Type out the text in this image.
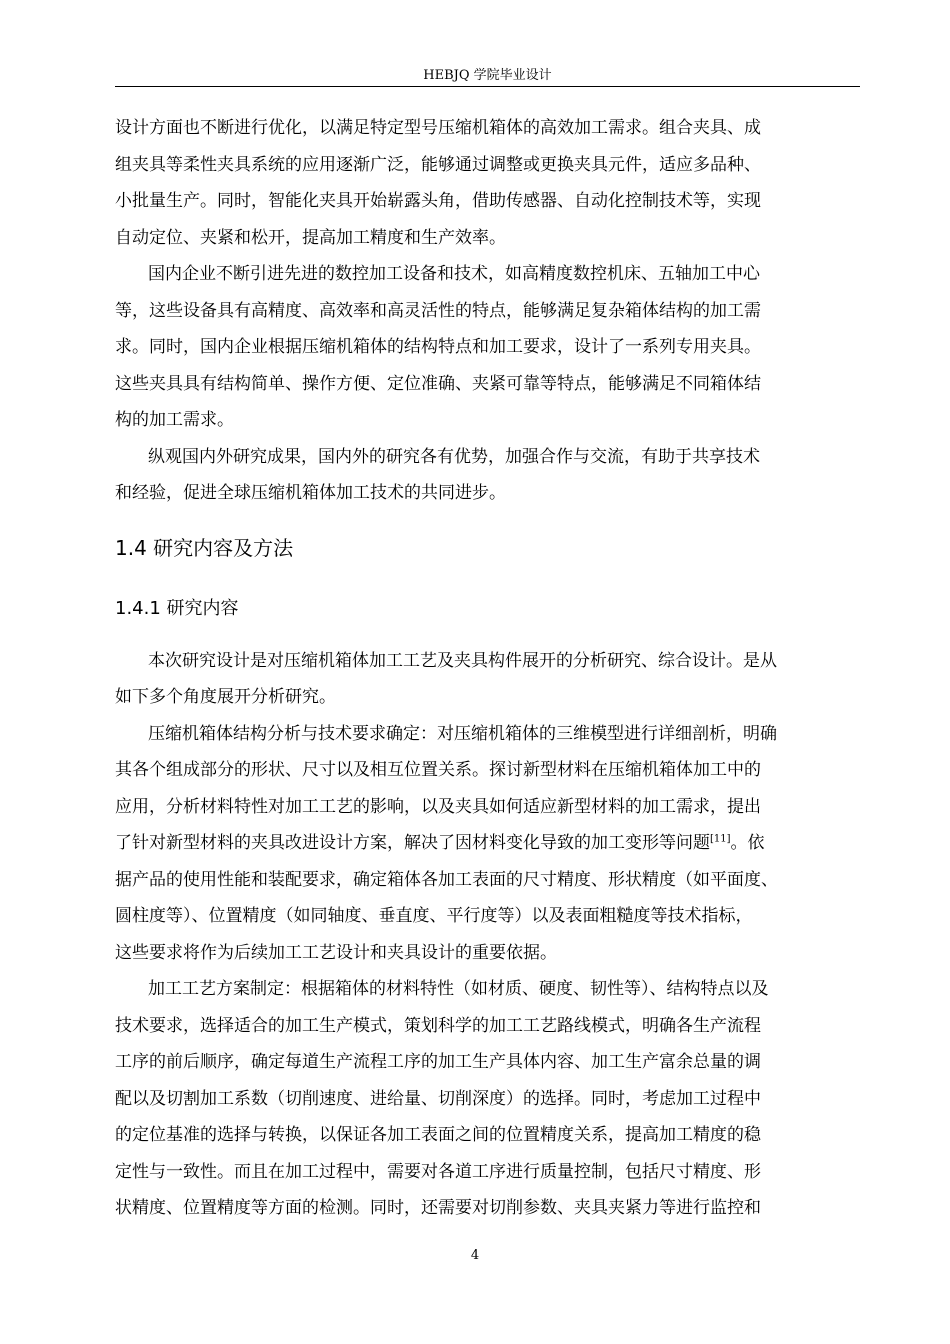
HEBJQ 学院毕业设计
设计方面也不断进行优化，以满足特定型号压缩机箱体的高效加工需求。组合夹具、成
组夹具等柔性夹具系统的应用逐渐广泛，能够通过调整或更换夹具元件，适应多品种、
小批量生产。同时，智能化夹具开始崭露头角，借助传感器、自动化控制技术等，实现
自动定位、夹紧和松开，提高加工精度和生产效率。
国内企业不断引进先进的数控加工设备和技术，如高精度数控机床、五轴加工中心
等，这些设备具有高精度、高效率和高灵活性的特点，能够满足复杂箱体结构的加工需
求。同时，国内企业根据压缩机箱体的结构特点和加工要求，设计了一系列专用夹具。
这些夹具具有结构简单、操作方便、定位准确、夹紧可靠等特点，能够满足不同箱体结
构的加工需求。
纵观国内外研究成果，国内外的研究各有优势，加强合作与交流，有助于共享技术
和经验，促进全球压缩机箱体加工技术的共同进步。
1.4 研究内容及方法
1.4.1 研究内容
本次研究设计是对压缩机箱体加工工艺及夹具构件展开的分析研究、综合设计。是从
如下多个角度展开分析研究。
压缩机箱体结构分析与技术要求确定：对压缩机箱体的三维模型进行详细剖析，明确
其各个组成部分的形状、尺寸以及相互位置关系。探讨新型材料在压缩机箱体加工中的
应用，分析材料特性对加工工艺的影响，以及夹具如何适应新型材料的加工需求，提出
了针对新型材料的夹具改进设计方案，解决了因材料变化导致的加工变形等问题[11]。依
据产品的使用性能和装配要求，确定箱体各加工表面的尺寸精度、形状精度（如平面度、
圆柱度等）、位置精度（如同轴度、垂直度、平行度等）以及表面粗糙度等技术指标，
这些要求将作为后续加工工艺设计和夹具设计的重要依据。
加工工艺方案制定：根据箱体的材料特性（如材质、硬度、韧性等）、结构特点以及
技术要求，选择适合的加工生产模式，策划科学的加工工艺路线模式，明确各生产流程
工序的前后顺序，确定每道生产流程工序的加工生产具体内容、加工生产富余总量的调
配以及切割加工系数（切削速度、进给量、切削深度）的选择。同时，考虑加工过程中
的定位基准的选择与转换，以保证各加工表面之间的位置精度关系，提高加工精度的稳
定性与一致性。而且在加工过程中，需要对各道工序进行质量控制，包括尺寸精度、形
状精度、位置精度等方面的检测。同时，还需要对切削参数、夹具夹紧力等进行监控和
4
